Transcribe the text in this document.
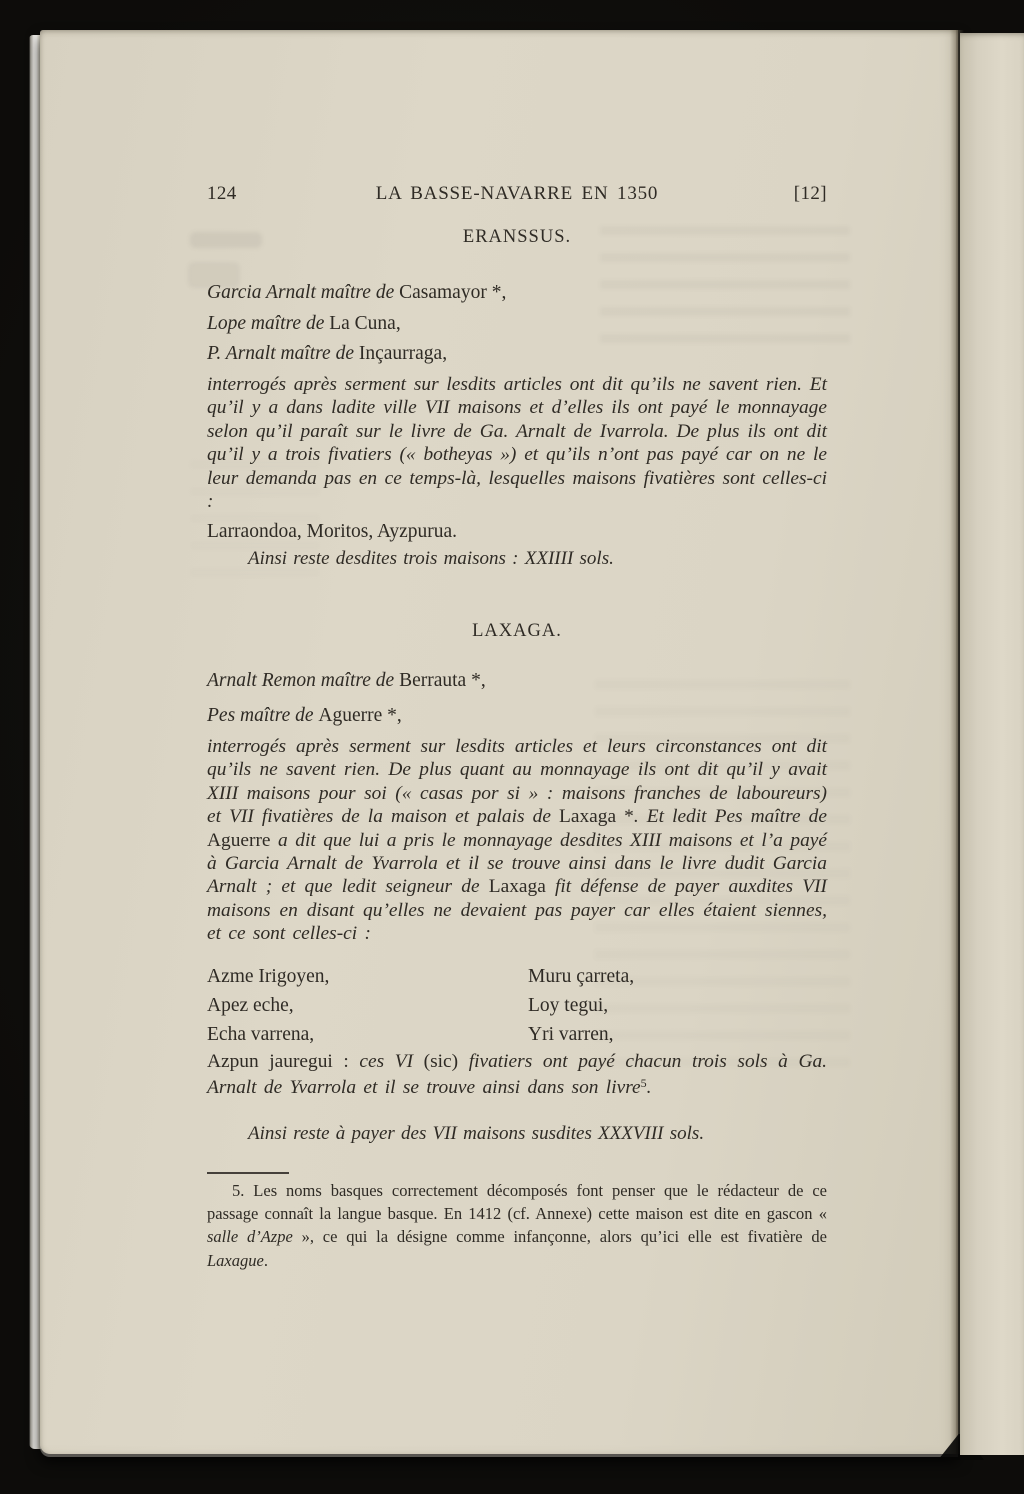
124	LA BASSE-NAVARRE EN 1350	[12]
ERANSSUS.

Garcia Arnalt maître de Casamayor *,

Lope maître de La Cuna,

P. Arnalt maître de Inçaurraga,

interrogés après serment sur lesdits articles ont dit qu’ils ne savent rien. Et qu’il y a dans ladite ville VII maisons et d’elles ils ont payé le monnayage selon qu’il paraît sur le livre de Ga. Arnalt de Ivarrola. De plus ils ont dit qu’il y a trois fivatiers (« botheyas ») et qu’ils n’ont pas payé car on ne le leur demanda pas en ce temps-là, lesquelles maisons fivatières sont celles-ci :

Larraondoa, Moritos, Ayzpurua.

Ainsi reste desdites trois maisons : XXIIII sols.

LAXAGA.

Arnalt Remon maître de Berrauta *,

Pes maître de Aguerre *,

interrogés après serment sur lesdits articles et leurs circonstances ont dit qu’ils ne savent rien. De plus quant au monnayage ils ont dit qu’il y avait XIII maisons pour soi (« casas por si » : maisons franches de laboureurs) et VII fivatières de la maison et palais de Laxaga *. Et ledit Pes maître de Aguerre a dit que lui a pris le monnayage desdites XIII maisons et l’a payé à Garcia Arnalt de Yvarrola et il se trouve ainsi dans le livre dudit Garcia Arnalt ; et que ledit seigneur de Laxaga fit défense de payer auxdites VII maisons en disant qu’elles ne devaient pas payer car elles étaient siennes, et ce sont celles-ci :

Azme Irigoyen,

Apez eche,

Echa varrena,

Muru çarreta,

Loy tegui,

Yri varren,

Azpun jauregui : ces VI (sic) fivatiers ont payé chacun trois sols à Ga. Arnalt de Yvarrola et il se trouve ainsi dans son livre$^5$.

Ainsi reste à payer des VII maisons susdites XXXVIII sols.

5. Les noms basques correctement décomposés font penser que le rédacteur de ce passage connaît la langue basque. En 1412 (cf. Annexe) cette maison est dite en gascon « salle d’Azpe », ce qui la désigne comme infançonne, alors qu’ici elle est fivatière de Laxague.
